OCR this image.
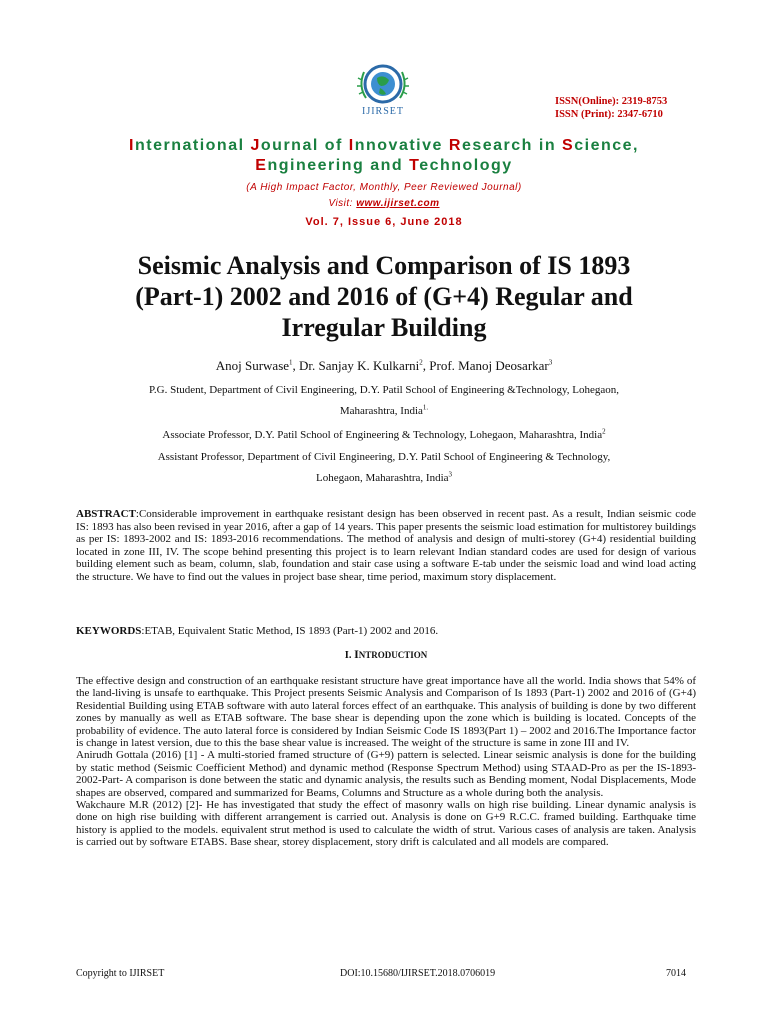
IJIRSET
ISSN(Online): 2319-8753
ISSN (Print): 2347-6710
International Journal of Innovative Research in Science,
Engineering and Technology
(A High Impact Factor, Monthly, Peer Reviewed Journal)
Visit: www.ijirset.com
Vol. 7, Issue 6, June 2018
Seismic Analysis and Comparison of IS 1893
(Part-1) 2002 and 2016 of (G+4) Regular and
Irregular Building
Anoj Surwase$^1$, Dr. Sanjay K. Kulkarni$^2$, Prof. Manoj Deosarkar$^3$
P.G. Student, Department of Civil Engineering, D.Y. Patil School of Engineering &Technology, Lohegaon,
Maharashtra, India$^{1.}$
Associate Professor, D.Y. Patil School of Engineering & Technology, Lohegaon, Maharashtra, India$^2$
Assistant Professor, Department of Civil Engineering, D.Y. Patil School of Engineering & Technology,
Lohegaon, Maharashtra, India$^3$
ABSTRACT:Considerable improvement in earthquake resistant design has been observed in recent past. As a result, Indian seismic code IS: 1893 has also been revised in year 2016, after a gap of 14 years. This paper presents the seismic load estimation for multistorey buildings as per IS: 1893-2002 and IS: 1893-2016 recommendations. The method of analysis and design of multi-storey (G+4) residential building located in zone III, IV. The scope behind presenting this project is to learn relevant Indian standard codes are used for design of various building element such as beam, column, slab, foundation and stair case using a software E-tab under the seismic load and wind load acting the structure. We have to find out the values in project base shear, time period, maximum story displacement.
KEYWORDS:ETAB, Equivalent Static Method, IS 1893 (Part-1) 2002 and 2016.
I. INTRODUCTION

The effective design and construction of an earthquake resistant structure have great importance have all the world. India shows that 54% of the land-living is unsafe to earthquake. This Project presents Seismic Analysis and Comparison of Is 1893 (Part-1) 2002 and 2016 of (G+4) Residential Building using ETAB software with auto lateral forces effect of an earthquake. This analysis of building is done by two different zones by manually as well as ETAB software. The base shear is depending upon the zone which is building is located. Concepts of the probability of evidence. The auto lateral force is considered by Indian Seismic Code IS 1893(Part 1) – 2002 and 2016.The Importance factor is change in latest version, due to this the base shear value is increased. The weight of the structure is same in zone III and IV.

Anirudh Gottala (2016) [1] - A multi-storied framed structure of (G+9) pattern is selected. Linear seismic analysis is done for the building by static method (Seismic Coefficient Method) and dynamic method (Response Spectrum Method) using STAAD-Pro as per the IS-1893-2002-Part- A comparison is done between the static and dynamic analysis, the results such as Bending moment, Nodal Displacements, Mode shapes are observed, compared and summarized for Beams, Columns and Structure as a whole during both the analysis.

Wakchaure M.R (2012) [2]- He has investigated that study the effect of masonry walls on high rise building. Linear dynamic analysis is done on high rise building with different arrangement is carried out. Analysis is done on G+9 R.C.C. framed building. Earthquake time history is applied to the models. equivalent strut method is used to calculate the width of strut. Various cases of analysis are taken. Analysis is carried out by software ETABS. Base shear, storey displacement, story drift is calculated and all models are compared.

Copyright to IJIRSET	DOI:10.15680/IJIRSET.2018.0706019	7014
